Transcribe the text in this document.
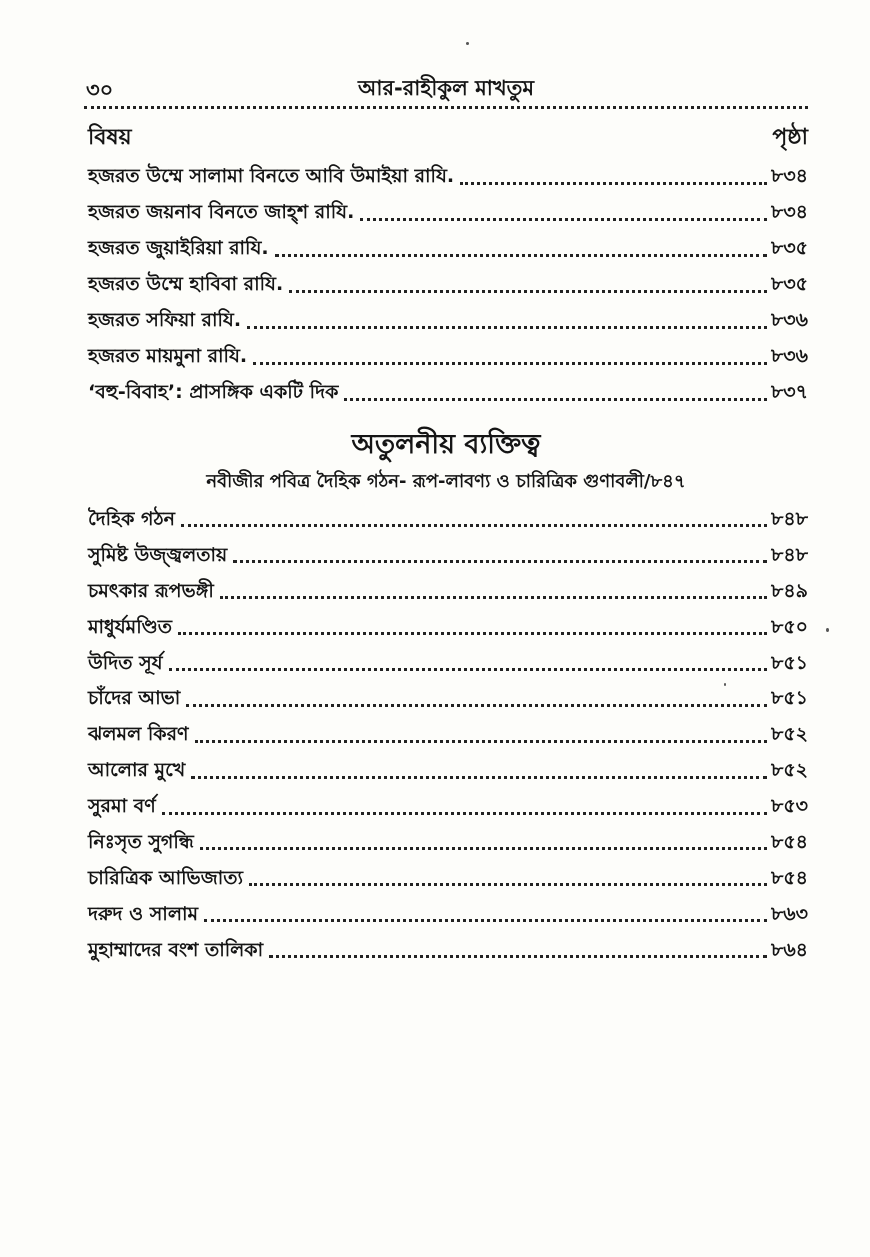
৩০	আর-রাহীকুল মাখতুম
বিষয়	পৃষ্ঠা
হজরত উম্মে সালামা বিনতে আবি উমাইয়া রাযি.	৮৩৪
হজরত জয়নাব বিনতে জাহ্শ রাযি.	৮৩৪
হজরত জুয়াইরিয়া রাযি.	৮৩৫
হজরত উম্মে হাবিবা রাযি.	৮৩৫
হজরত সফিয়া রাযি.	৮৩৬
হজরত মায়মুনা রাযি.	৮৩৬
‘বহু-বিবাহ’: প্রাসঙ্গিক একটি দিক	৮৩৭
অতুলনীয় ব্যক্তিত্ব
নবীজীর পবিত্র দৈহিক গঠন- রূপ-লাবণ্য ও চারিত্রিক গুণাবলী/৮৪৭
দৈহিক গঠন	৮৪৮
সুমিষ্ট উজ্জ্বলতায়	৮৪৮
চমৎকার রূপভঙ্গী	৮৪৯
মাধুর্যমণ্ডিত	৮৫০
উদিত সূর্য	৮৫১
চাঁদের আভা	৮৫১
ঝলমল কিরণ	৮৫২
আলোর মুখে	৮৫২
সুরমা বর্ণ	৮৫৩
নিঃসৃত সুগন্ধি	৮৫৪
চারিত্রিক আভিজাত্য	৮৫৪
দরুদ ও সালাম	৮৬৩
মুহাম্মাদের বংশ তালিকা	৮৬৪
